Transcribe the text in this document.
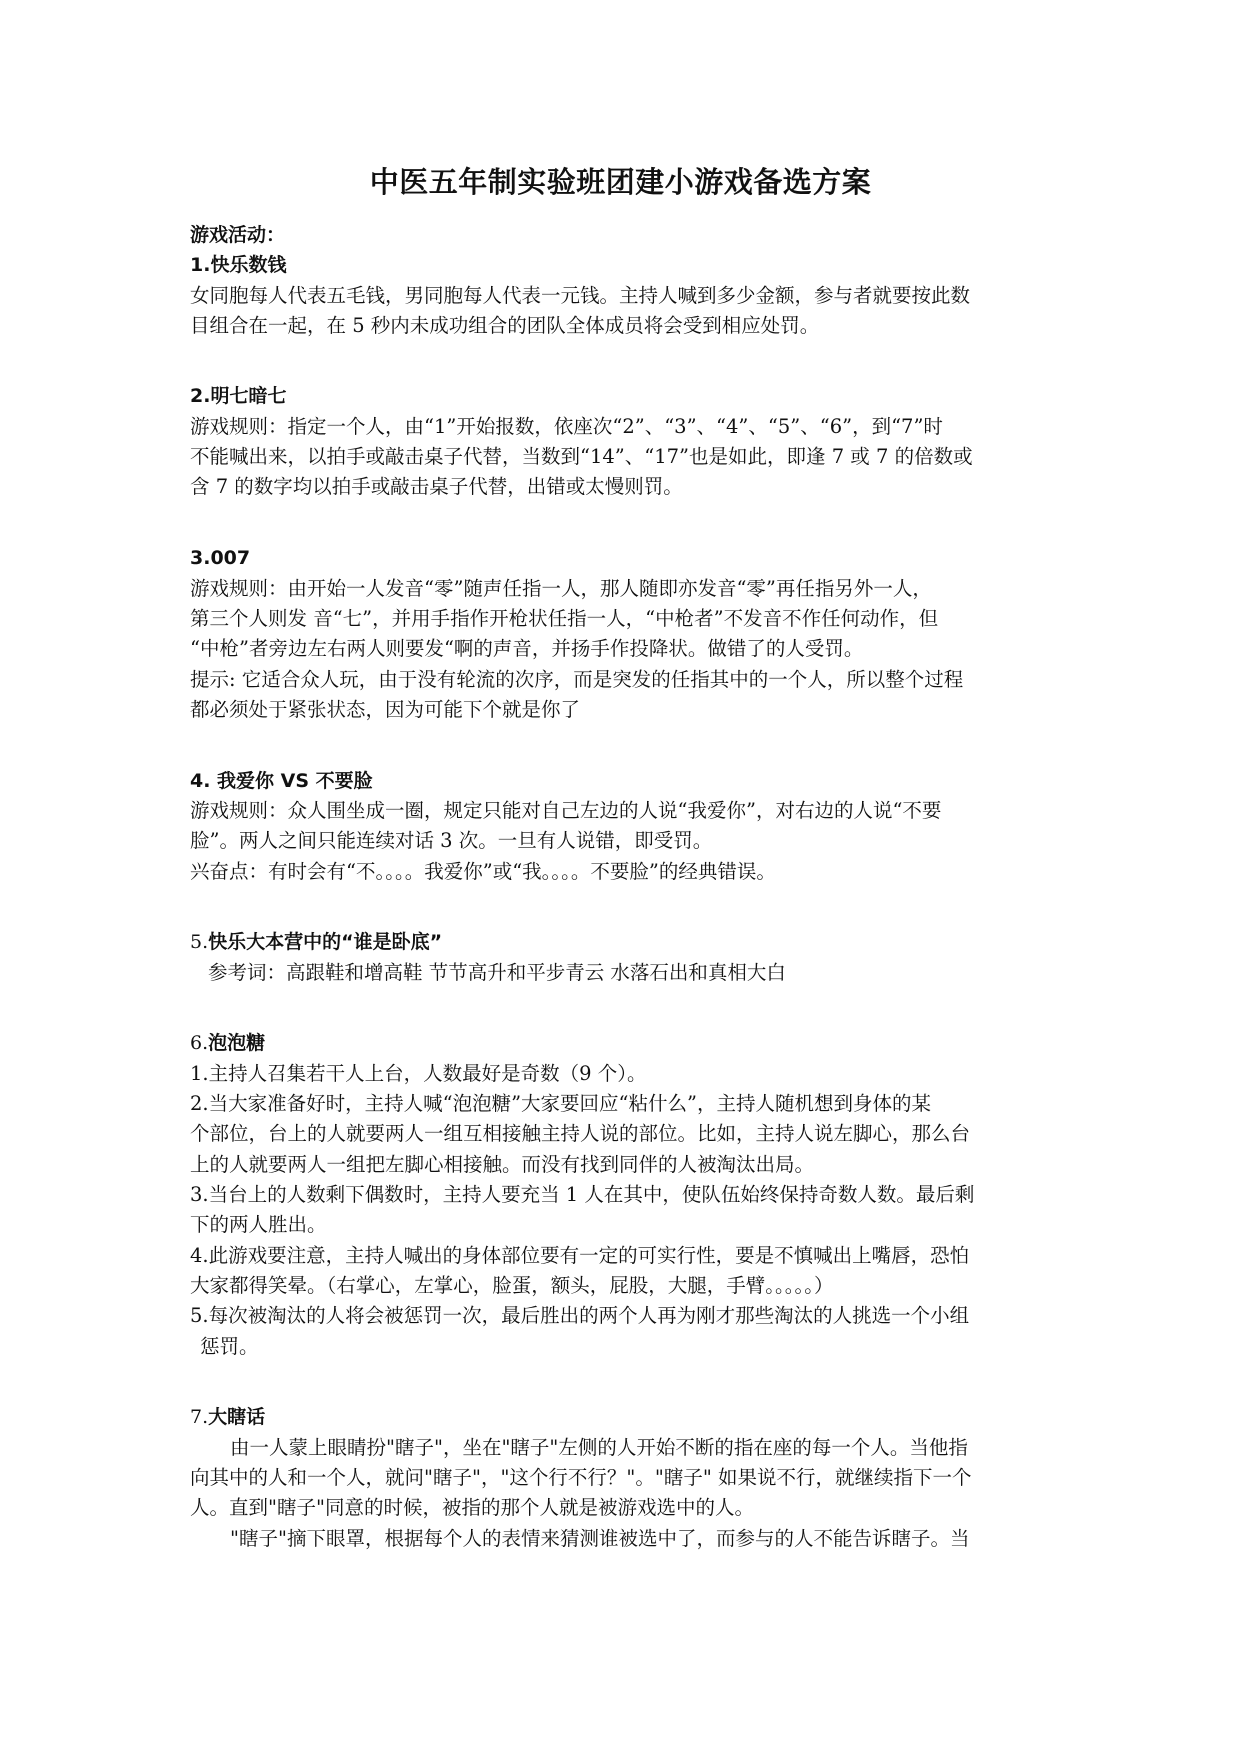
中医五年制实验班团建小游戏备选方案

游戏活动：

1.快乐数钱

女同胞每人代表五毛钱，男同胞每人代表一元钱。主持人喊到多少金额，参与者就要按此数

目组合在一起，在 5 秒内未成功组合的团队全体成员将会受到相应处罚。

2.明七暗七

游戏规则：指定一个人，由“1”开始报数，依座次“2”、“3”、“4”、“5”、“6”，到“7”时

不能喊出来，以拍手或敲击桌子代替，当数到“14”、“17”也是如此，即逢 7 或 7 的倍数或

含 7 的数字均以拍手或敲击桌子代替，出错或太慢则罚。

3.007

游戏规则：由开始一人发音“零”随声任指一人，那人随即亦发音“零”再任指另外一人，

第三个人则发 音“七”，并用手指作开枪状任指一人，“中枪者”不发音不作任何动作，但

“中枪”者旁边左右两人则要发“啊的声音，并扬手作投降状。做错了的人受罚。

提示: 它适合众人玩，由于没有轮流的次序，而是突发的任指其中的一个人，所以整个过程

都必须处于紧张状态，因为可能下个就是你了

4. 我爱你 VS 不要脸

游戏规则：众人围坐成一圈，规定只能对自己左边的人说“我爱你”，对右边的人说“不要

脸”。两人之间只能连续对话 3 次。一旦有人说错，即受罚。

兴奋点：有时会有“不。。。。我爱你”或“我。。。。不要脸”的经典错误。

5.快乐大本营中的“谁是卧底”

参考词：高跟鞋和增高鞋 节节高升和平步青云 水落石出和真相大白

6.泡泡糖

1.主持人召集若干人上台，人数最好是奇数（9 个）。

2.当大家准备好时，主持人喊“泡泡糖”大家要回应“粘什么”，主持人随机想到身体的某

个部位，台上的人就要两人一组互相接触主持人说的部位。比如，主持人说左脚心，那么台

上的人就要两人一组把左脚心相接触。而没有找到同伴的人被淘汰出局。

3.当台上的人数剩下偶数时，主持人要充当 1 人在其中，使队伍始终保持奇数人数。最后剩

下的两人胜出。

4.此游戏要注意，主持人喊出的身体部位要有一定的可实行性，要是不慎喊出上嘴唇，恐怕

大家都得笑晕。（右掌心，左掌心，脸蛋，额头，屁股，大腿，手臂。。。。。）

5.每次被淘汰的人将会被惩罚一次，最后胜出的两个人再为刚才那些淘汰的人挑选一个小组

惩罚。

7.大瞎话

由一人蒙上眼睛扮"瞎子"，坐在"瞎子"左侧的人开始不断的指在座的每一个人。当他指

向其中的人和一个人，就问"瞎子"，"这个行不行？"。"瞎子" 如果说不行，就继续指下一个

人。直到"瞎子"同意的时候，被指的那个人就是被游戏选中的人。

"瞎子"摘下眼罩，根据每个人的表情来猜测谁被选中了，而参与的人不能告诉瞎子。当
